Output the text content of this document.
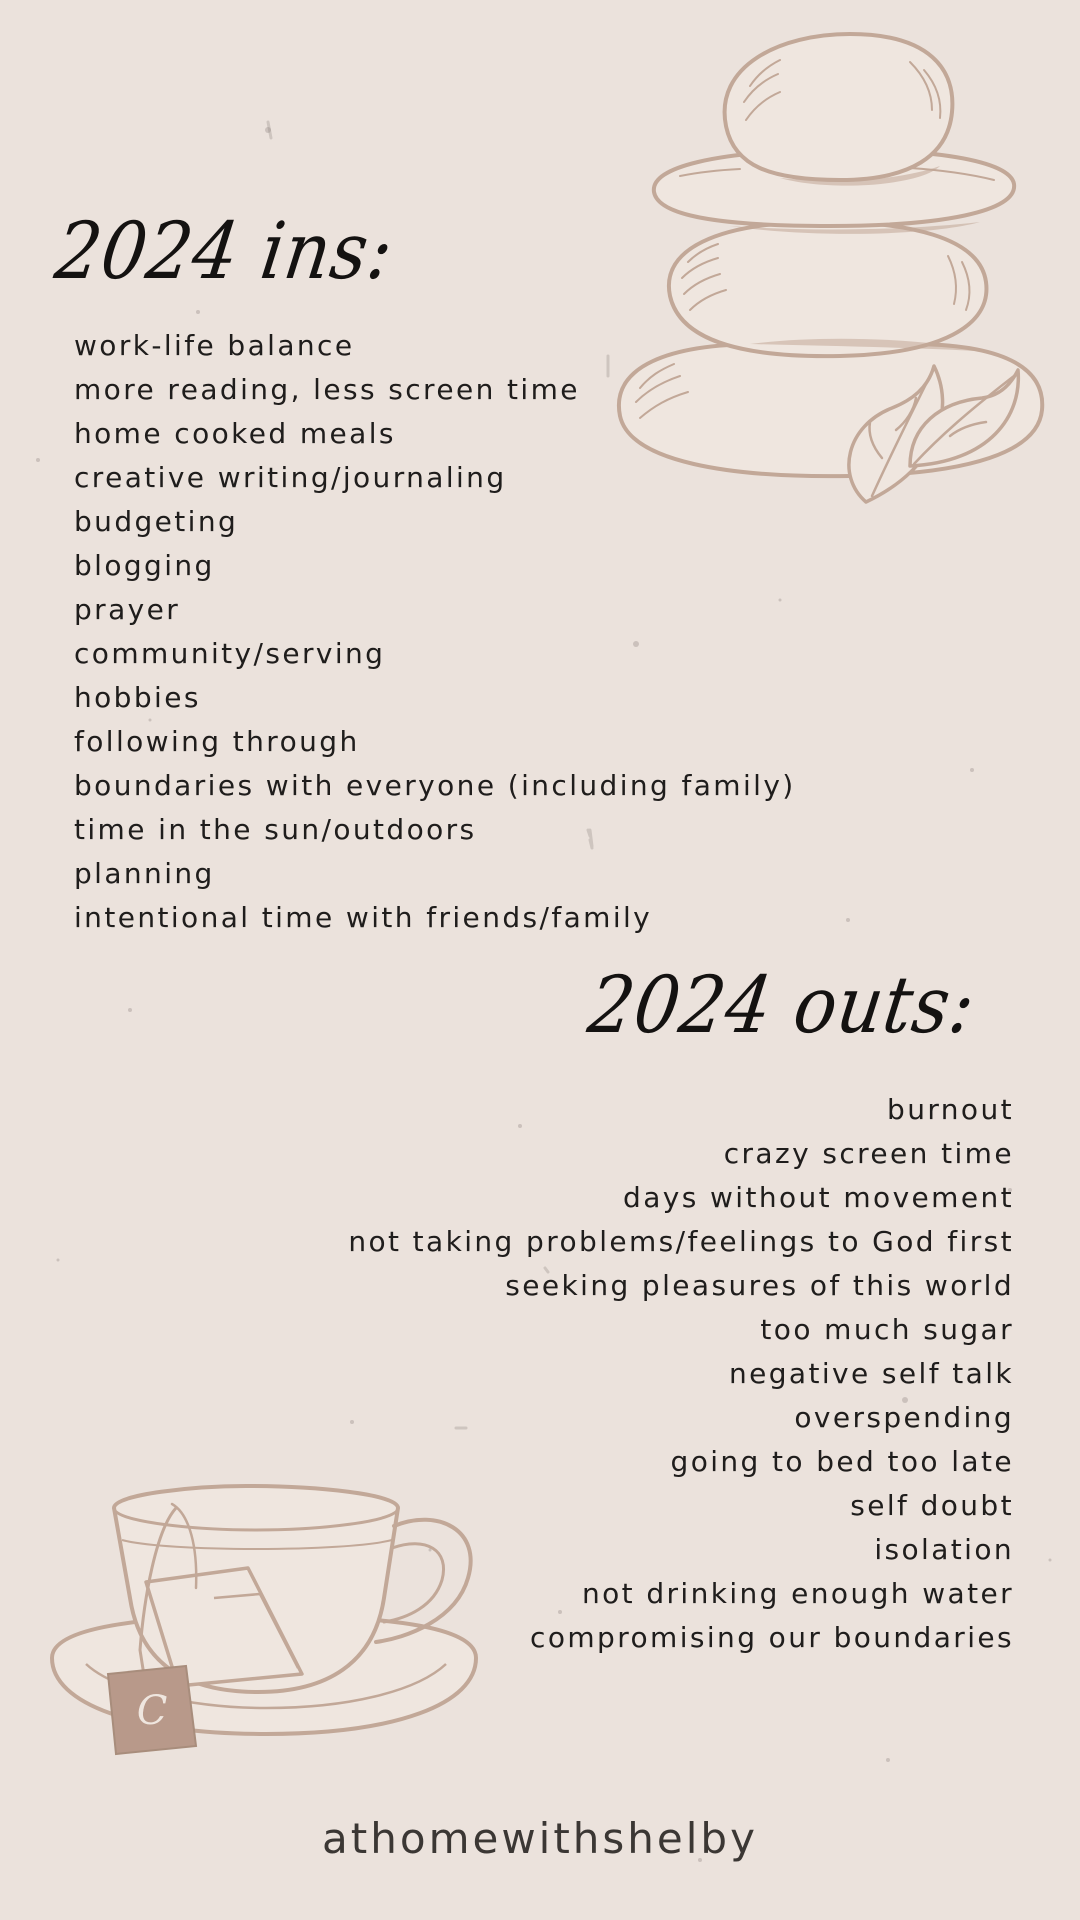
C
2024 ins:
work-life balance
more reading, less screen time
home cooked meals
creative writing/journaling
budgeting
blogging
prayer
community/serving
hobbies
following through
boundaries with everyone (including family)
time in the sun/outdoors
planning
intentional time with friends/family
2024 outs:
burnout
crazy screen time
days without movement
not taking problems/feelings to God first
seeking pleasures of this world
too much sugar
negative self talk
overspending
going to bed too late
self doubt
isolation
not drinking enough water
compromising our boundaries
athomewithshelby
